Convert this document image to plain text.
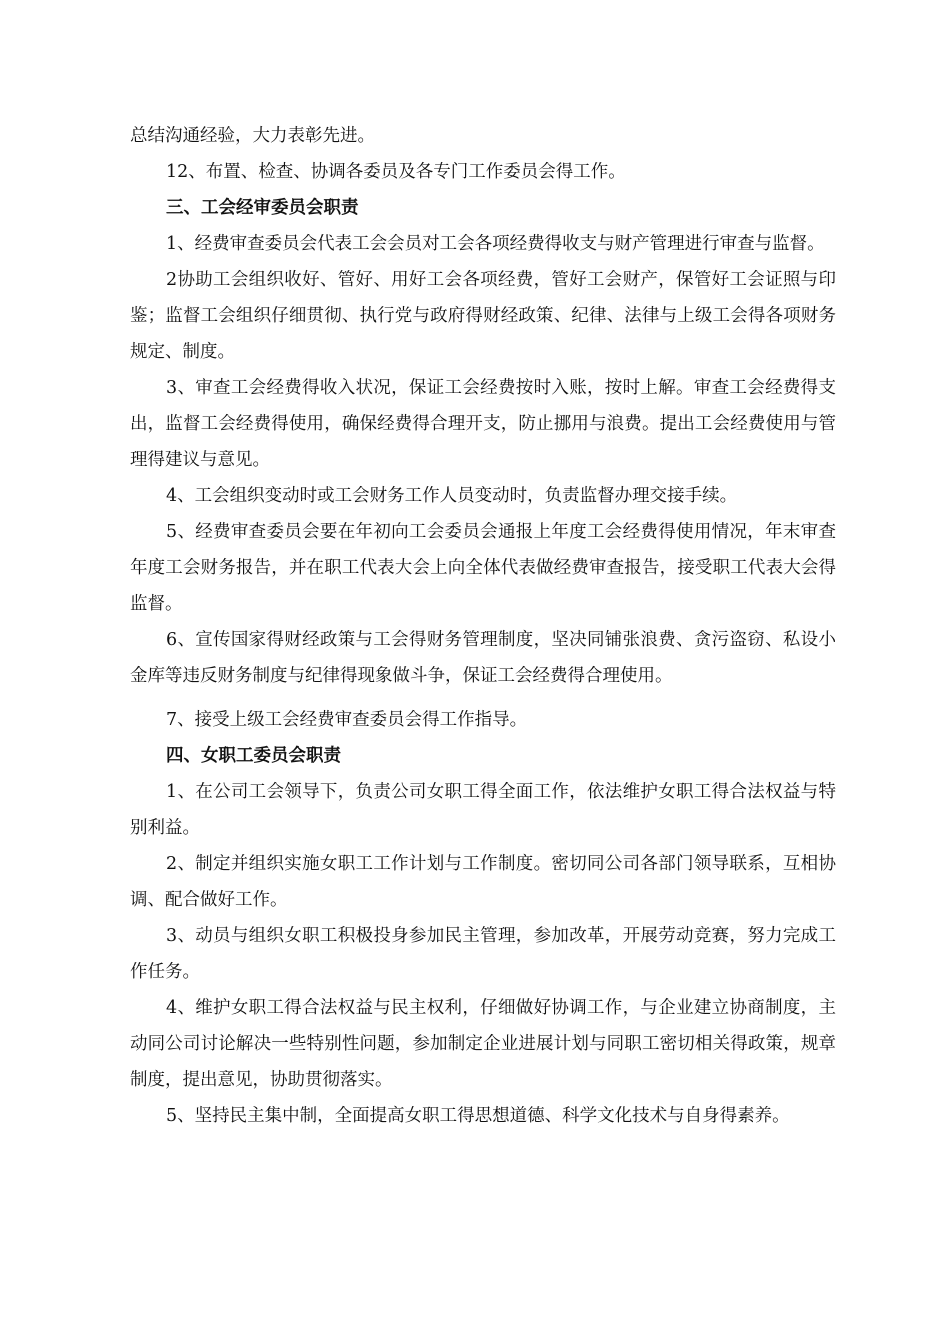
总结沟通经验，大力表彰先进。

12、布置、检查、协调各委员及各专门工作委员会得工作。

三、工会经审委员会职责

1、经费审查委员会代表工会会员对工会各项经费得收支与财产管理进行审查与监督。

2协助工会组织收好、管好、用好工会各项经费，管好工会财产，保管好工会证照与印鉴；监督工会组织仔细贯彻、执行党与政府得财经政策、纪律、法律与上级工会得各项财务规定、制度。

3、审查工会经费得收入状况，保证工会经费按时入账，按时上解。审查工会经费得支出，监督工会经费得使用，确保经费得合理开支，防止挪用与浪费。提出工会经费使用与管理得建议与意见。

4、工会组织变动时或工会财务工作人员变动时，负责监督办理交接手续。

5、经费审查委员会要在年初向工会委员会通报上年度工会经费得使用情况，年末审查年度工会财务报告，并在职工代表大会上向全体代表做经费审查报告，接受职工代表大会得监督。

6、宣传国家得财经政策与工会得财务管理制度，坚决同铺张浪费、贪污盗窃、私设小金库等违反财务制度与纪律得现象做斗争，保证工会经费得合理使用。

7、接受上级工会经费审查委员会得工作指导。

四、女职工委员会职责

1、在公司工会领导下，负责公司女职工得全面工作，依法维护女职工得合法权益与特别利益。

2、制定并组织实施女职工工作计划与工作制度。密切同公司各部门领导联系，互相协调、配合做好工作。

3、动员与组织女职工积极投身参加民主管理，参加改革，开展劳动竞赛，努力完成工作任务。

4、维护女职工得合法权益与民主权利，仔细做好协调工作，与企业建立协商制度，主动同公司讨论解决一些特别性问题，参加制定企业进展计划与同职工密切相关得政策，规章制度，提出意见，协助贯彻落实。

5、坚持民主集中制，全面提高女职工得思想道德、科学文化技术与自身得素养。
